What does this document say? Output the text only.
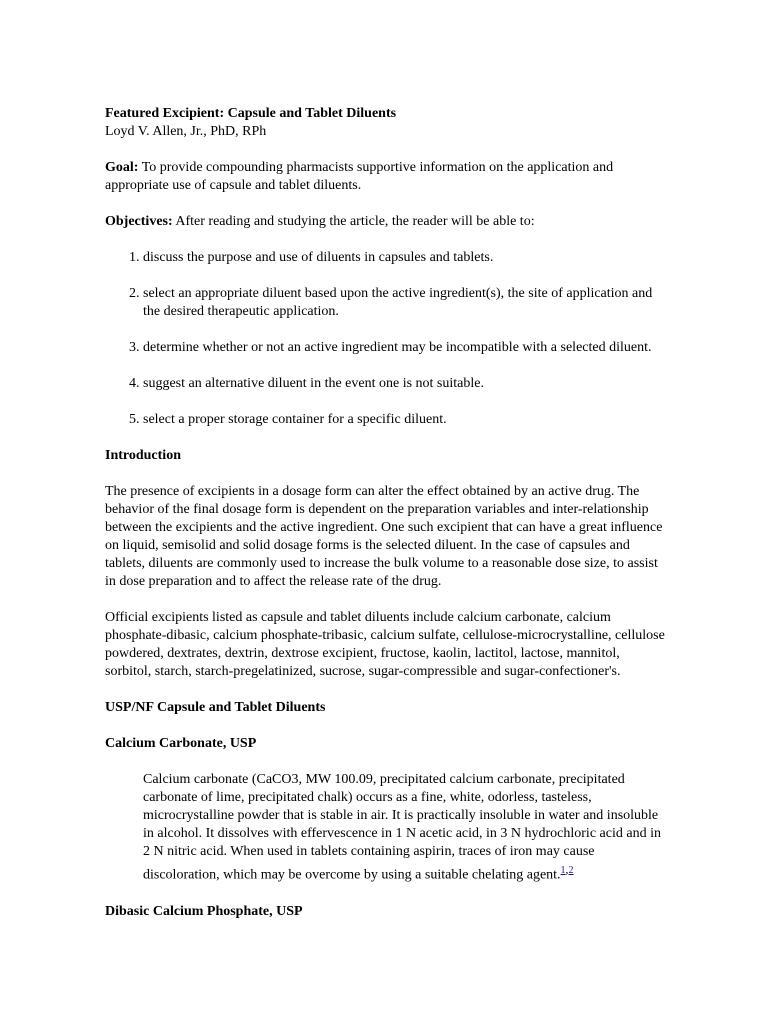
Featured Excipient: Capsule and Tablet Diluents

Loyd V. Allen, Jr., PhD, RPh

Goal: To provide compounding pharmacists supportive information on the application and appropriate use of capsule and tablet diluents.

Objectives: After reading and studying the article, the reader will be able to:

1. discuss the purpose and use of diluents in capsules and tablets.
2. select an appropriate diluent based upon the active ingredient(s), the site of application and the desired therapeutic application.
3. determine whether or not an active ingredient may be incompatible with a selected diluent.
4. suggest an alternative diluent in the event one is not suitable.
5. select a proper storage container for a specific diluent.

Introduction

The presence of excipients in a dosage form can alter the effect obtained by an active drug. The behavior of the final dosage form is dependent on the preparation variables and inter-relationship between the excipients and the active ingredient. One such excipient that can have a great influence on liquid, semisolid and solid dosage forms is the selected diluent. In the case of capsules and tablets, diluents are commonly used to increase the bulk volume to a reasonable dose size, to assist in dose preparation and to affect the release rate of the drug.

Official excipients listed as capsule and tablet diluents include calcium carbonate, calcium phosphate-dibasic, calcium phosphate-tribasic, calcium sulfate, cellulose-microcrystalline, cellulose powdered, dextrates, dextrin, dextrose excipient, fructose, kaolin, lactitol, lactose, mannitol, sorbitol, starch, starch-pregelatinized, sucrose, sugar-compressible and sugar-confectioner's.

USP/NF Capsule and Tablet Diluents

Calcium Carbonate, USP

Calcium carbonate (CaCO3, MW 100.09, precipitated calcium carbonate, precipitated carbonate of lime, precipitated chalk) occurs as a fine, white, odorless, tasteless, microcrystalline powder that is stable in air. It is practically insoluble in water and insoluble in alcohol. It dissolves with effervescence in 1 N acetic acid, in 3 N hydrochloric acid and in 2 N nitric acid. When used in tablets containing aspirin, traces of iron may cause discoloration, which may be overcome by using a suitable chelating agent.$^{1,2}$

Dibasic Calcium Phosphate, USP
